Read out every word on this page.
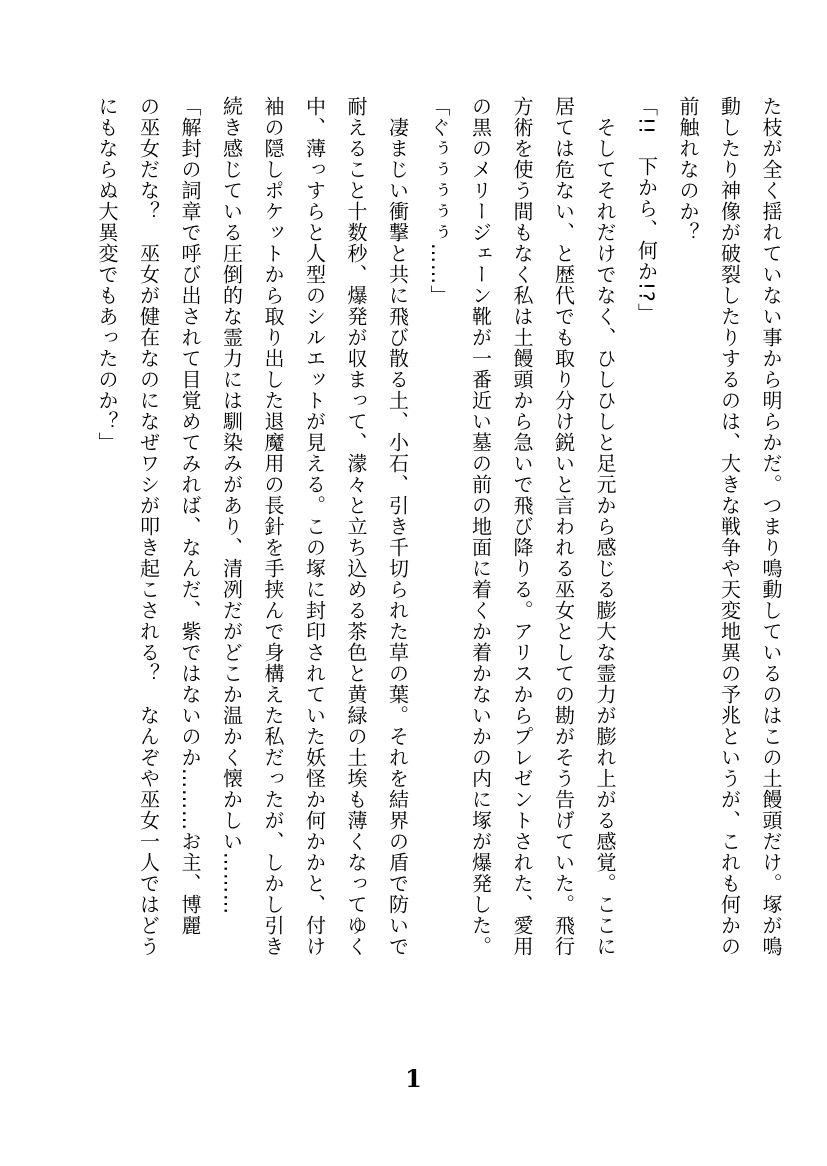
た枝が全く揺れていない事から明らかだ。つまり鳴動しているのはこの土饅頭だけ。塚が鳴

動したり神像が破裂したりするのは、大きな戦争や天変地異の予兆というが、これも何かの

前触れなのか？

「!!　下から、何か!?」

　そしてそれだけでなく、ひしひしと足元から感じる膨大な霊力が膨れ上がる感覚。ここに

居ては危ない、と歴代でも取り分け鋭いと言われる巫女としての勘がそう告げていた。飛行

方術を使う間もなく私は土饅頭から急いで飛び降りる。アリスからプレゼントされた、愛用

の黒のメリージェーン靴が一番近い墓の前の地面に着くか着かないかの内に塚が爆発した。

「ぐぅぅぅぅぅ……」

　凄まじい衝撃と共に飛び散る土、小石、引き千切られた草の葉。それを結界の盾で防いで

耐えること十数秒、爆発が収まって、濛々と立ち込める茶色と黄緑の土埃も薄くなってゆく

中、薄っすらと人型のシルエットが見える。この塚に封印されていた妖怪か何かかと、付け

袖の隠しポケットから取り出した退魔用の長針を手挟んで身構えた私だったが、しかし引き

続き感じている圧倒的な霊力には馴染みがあり、清冽だがどこか温かく懐かしい………

「解封の詞章で呼び出されて目覚めてみれば、なんだ、紫ではないのか………お主、博麗

の巫女だな？　巫女が健在なのになぜワシが叩き起こされる？　なんぞや巫女一人ではどう

にもならぬ大異変でもあったのか？」

1
